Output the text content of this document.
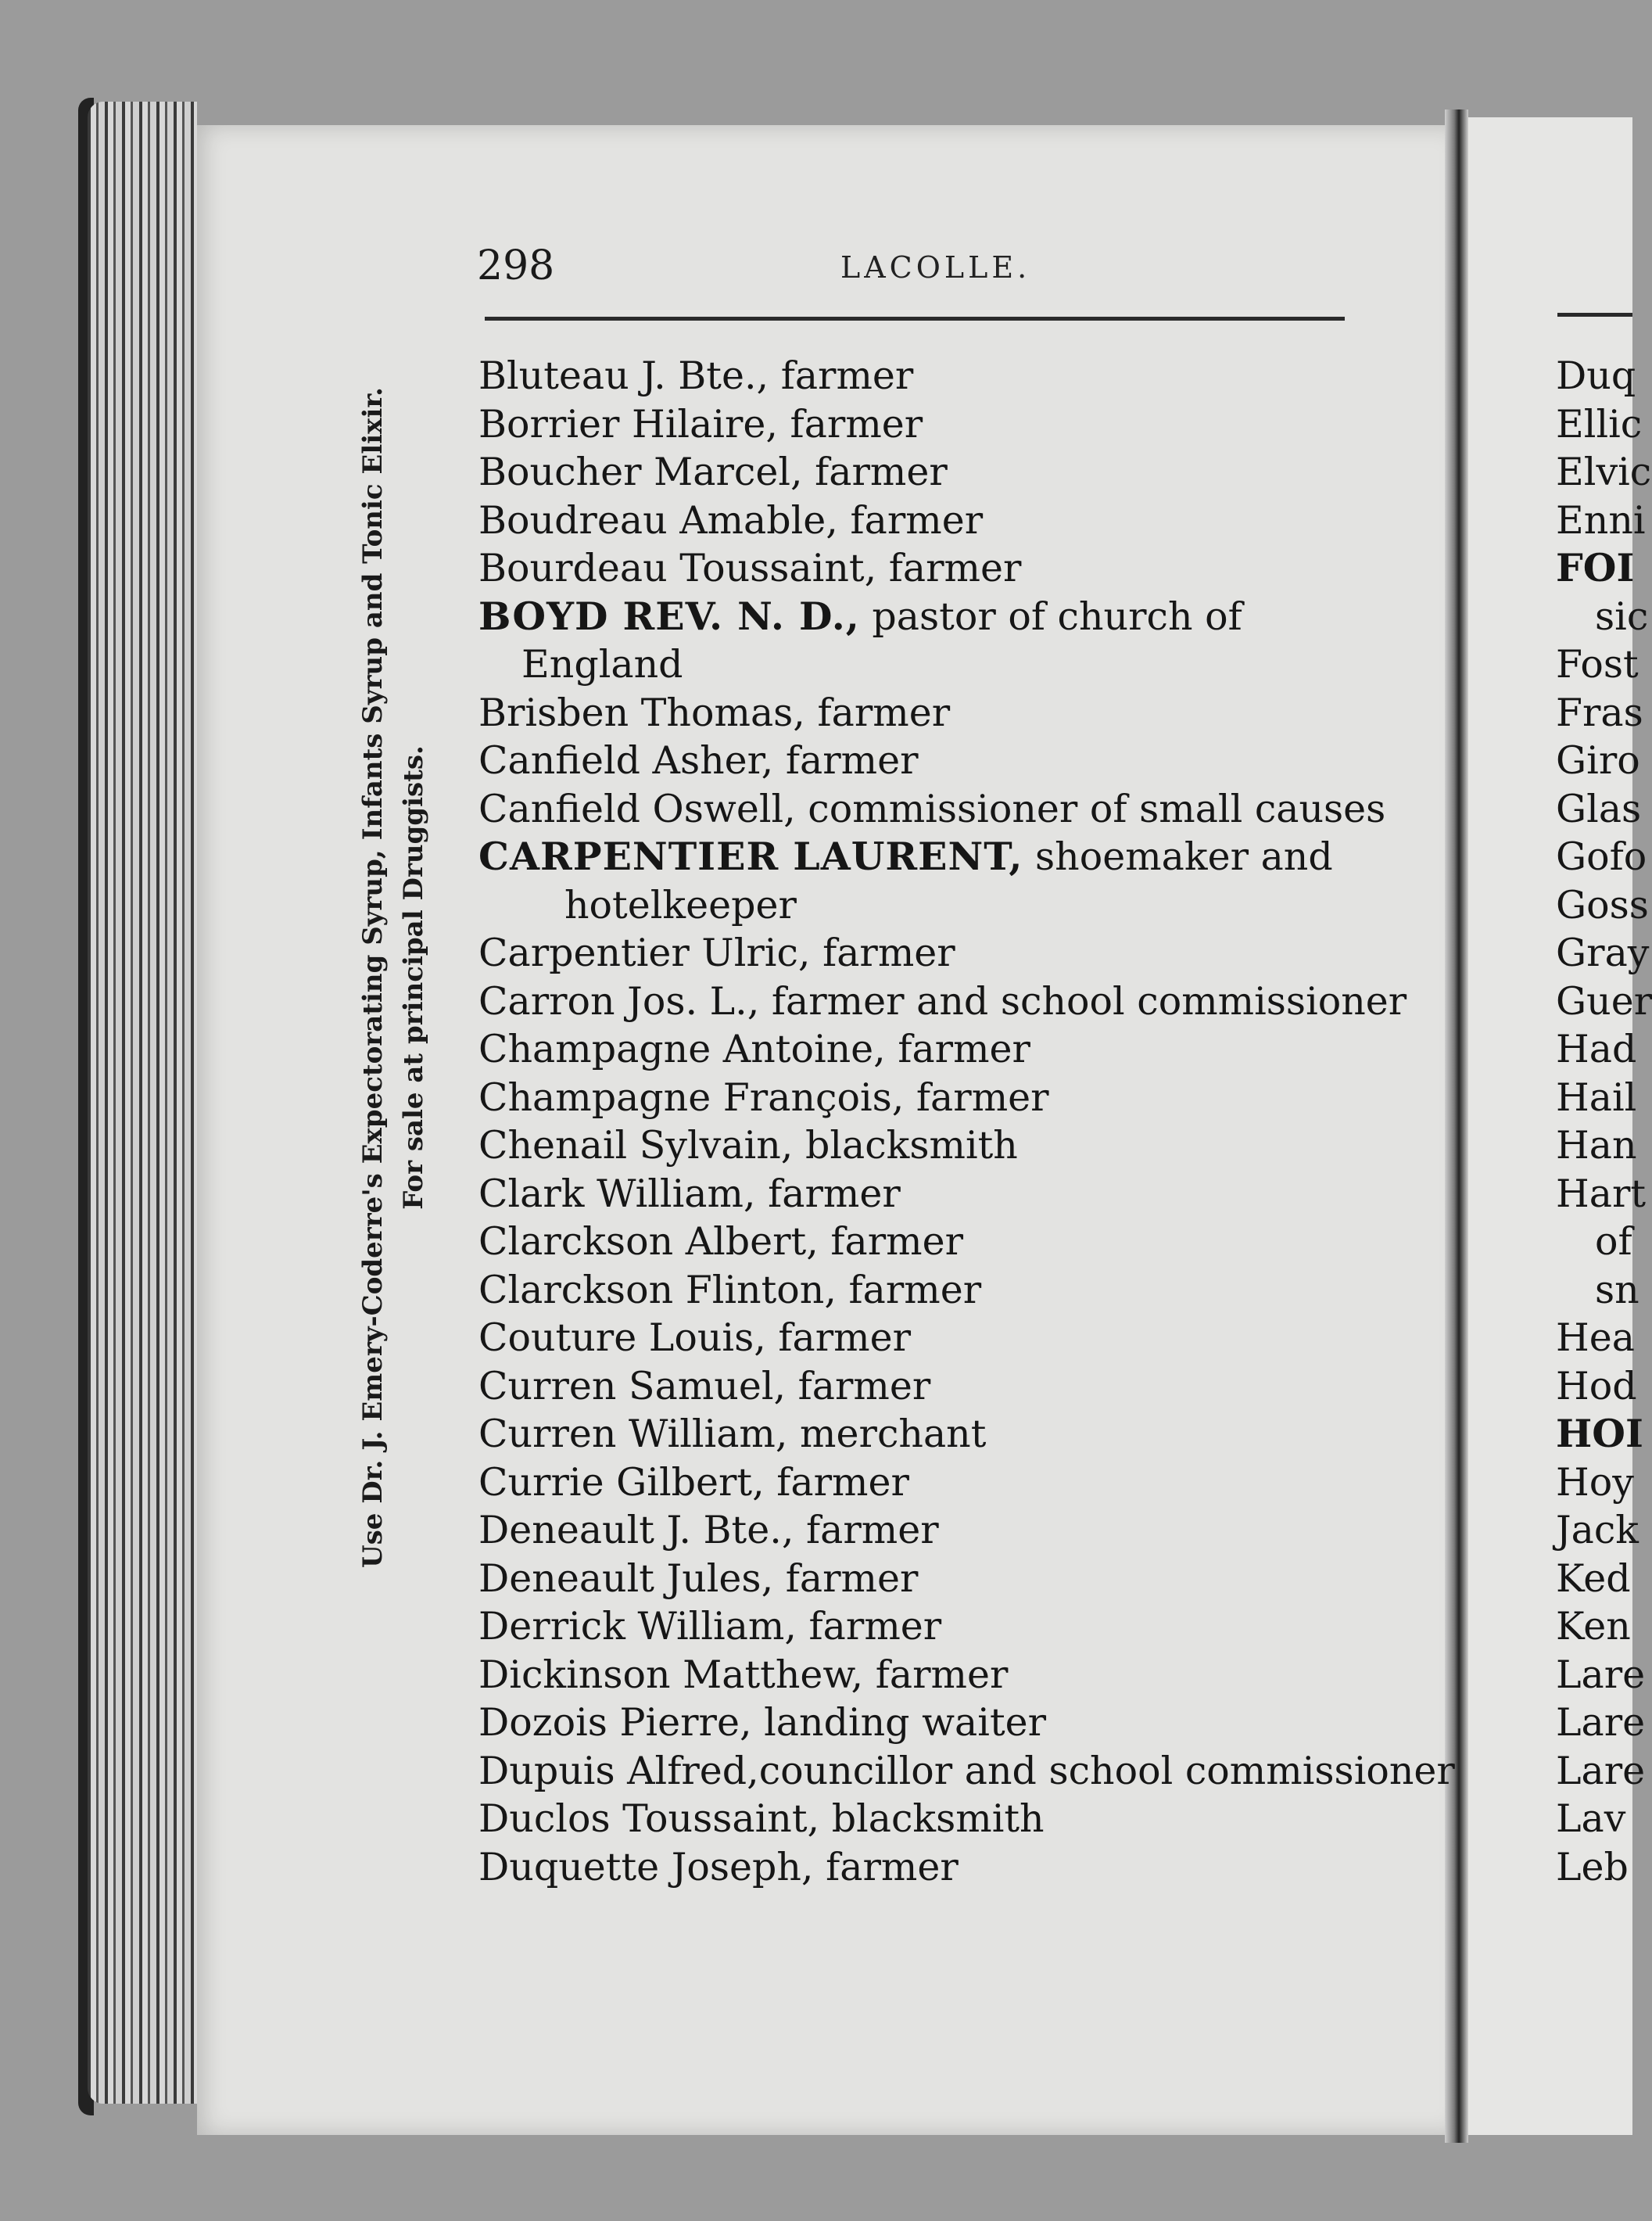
298	LACOLLE.
Use Dr. J. Emery-Coderre's Expectorating Syrup, Infants Syrup and Tonic Elixir. For sale at principal Druggists.
Bluteau J. Bte., farmer
Borrier Hilaire, farmer
Boucher Marcel, farmer
Boudreau Amable, farmer
Bourdeau Toussaint, farmer
BOYD REV. N. D., pastor of church of
England
Brisben Thomas, farmer
Canfield Asher, farmer
Canfield Oswell, commissioner of small causes
CARPENTIER LAURENT, shoemaker and
hotelkeeper
Carpentier Ulric, farmer
Carron Jos. L., farmer and school commissioner
Champagne Antoine, farmer
Champagne François, farmer
Chenail Sylvain, blacksmith
Clark William, farmer
Clarckson Albert, farmer
Clarckson Flinton, farmer
Couture Louis, farmer
Curren Samuel, farmer
Curren William, merchant
Currie Gilbert, farmer
Deneault J. Bte., farmer
Deneault Jules, farmer
Derrick William, farmer
Dickinson Matthew, farmer
Dozois Pierre, landing waiter
Dupuis Alfred,councillor and school commissioner
Duclos Toussaint, blacksmith
Duquette Joseph, farmer
Duq
Ellic
Elvic
Enni
FOI
sic
Fost
Fras
Giro
Glas
Gofo
Goss
Gray
Guer
Had
Hail
Han
Hart
of
sn
Hea
Hod
HOI
Hoy
Jack
Ked
Ken
Lare
Lare
Lare
Lav
Leb
